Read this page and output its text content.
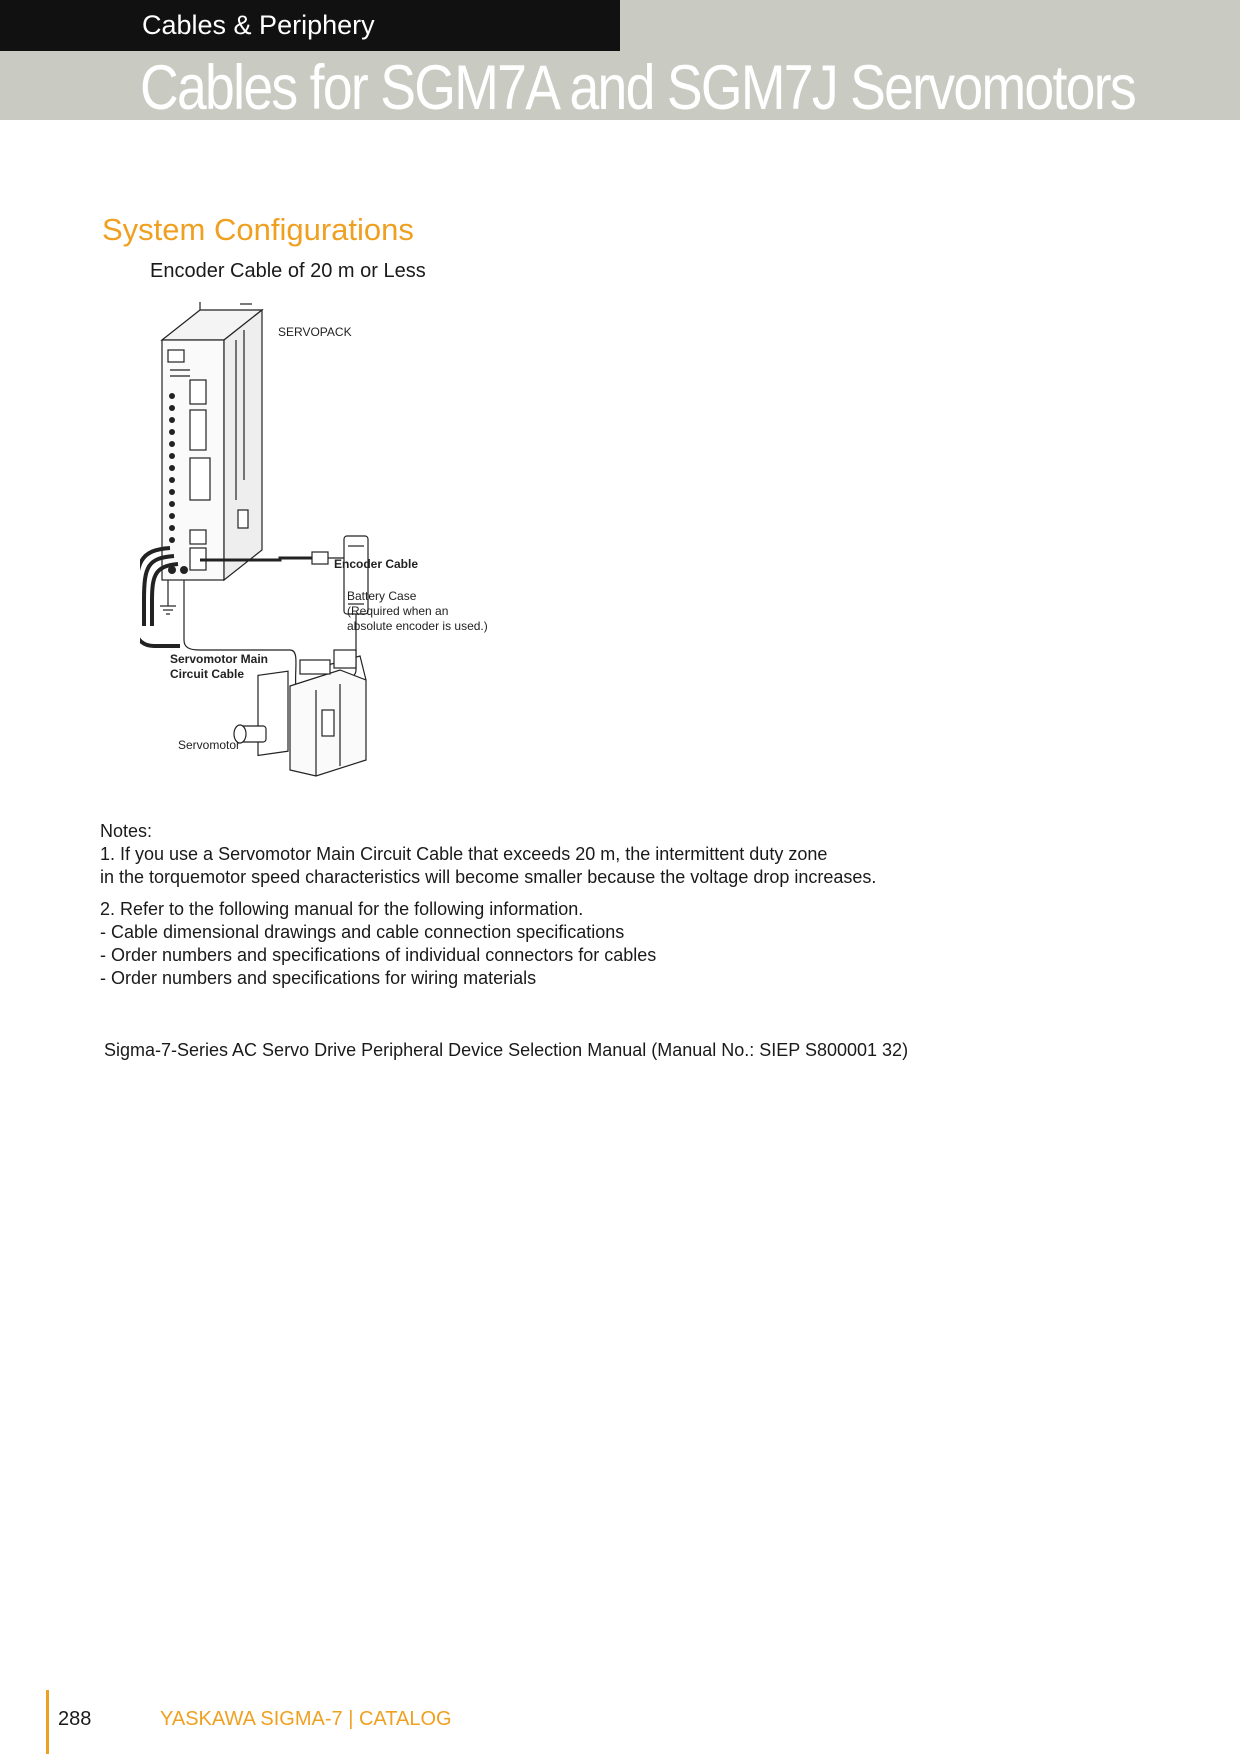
Cables & Periphery
Cables for SGM7A and SGM7J Servomotors
System Configurations
Encoder Cable of 20 m or Less
SERVOPACK
Encoder Cable
Battery Case
(Required when an
absolute encoder is used.)
Servomotor Main
Circuit Cable
Servomotor

Notes:

1. If you use a Servomotor Main Circuit Cable that exceeds 20 m, the intermittent duty zone

in the torquemotor speed characteristics will become smaller because the voltage drop increases.

2. Refer to the following manual for the following information.

- Cable dimensional drawings and cable connection specifications

- Order numbers and specifications of individual connectors for cables

- Order numbers and specifications for wiring materials

Sigma-7-Series AC Servo Drive Peripheral Device Selection Manual (Manual No.: SIEP S800001 32)
288	YASKAWA SIGMA-7 | CATALOG
